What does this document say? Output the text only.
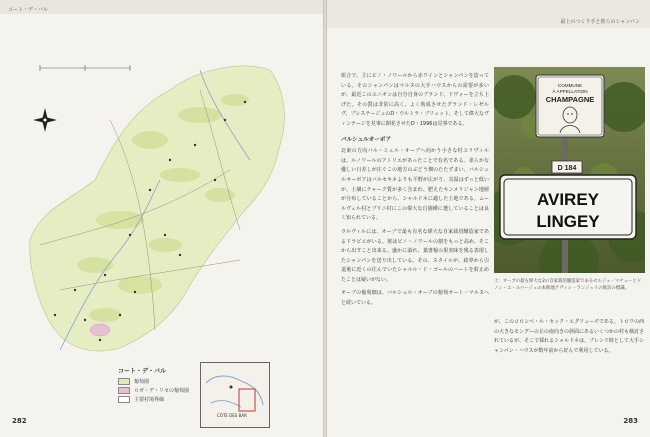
コート・デ・バル
コート・デ・バル
葡萄園
ロゼ・デ・リセの葡萄園
主要村境界線
CÔTE DES BAR
282
最上のつくり手と彼らのシャンパン

組合で、主にピノ・ノワールから赤ワインとシャンパンを造っている。そのシャンパンはマルヌの大手ハウスからの需要が多いが、最近このユニオンは自分自身のブランド、ドヴォーを立ち上げた。その質は非常に高く、よく熟成させたグランド・レゼルヴ、プレステージュのD・ウルトラ・ブリュット、そして偉大なヴィンテージを見事に開花させたD・1996は見事である。

バルシュルオーボア

北東の方向バル・シュル・オーブへ向かう小さな村ユリヴィルは、ルノワールのアトリエがあったことで有名である。柔らかな優しい日差しが注ぐこの地方のぶどう畑のたたずまい、バルシュルオーボアはバルセキネよりも平野が広がり、気温はずっと低いが、土壌にチャーク質が多く含まれ、肥えたキンメリジャン地層が分布していることから、シャルドネに適した土地である。ムールヴェル村とブリニ村にこの偉大な自園種に選していることは良く知られている。

ウルヴィルには、オーブで最も有名な偉大な自家栽培醸造家であるドラピエがいる。彼はピノ・ノワールの割をもっと高め、そこから出すこと出来る。盛かに溢れ、葉書葡の果実味を残る表現したシャンパンを送り出している。その、スタイルが、政界から引退後に近くの往んでいたシャルル・ド・ゴールのハートを射止めたことは疑いがない。

オーブの葡萄畑は、バルシュル・オーブの葡萄オート・マルヌへと続いている。

COMMUNE
À APPELLATION
CHAMPAGNE
D 184
AVIREY
LINGEY
上：オーブの最も偉大な2の自家栽培醸造家であるセルジュ・マチューとドノン・エ・ルバージュの本拠地アヴィレ・ランジェイの飲訪の標識。
が、このコロンベ・ル・セック・エグリューズである。トロワの西の大きなモングーの丘の南向きの斜面にあるいくつかの村も検討されているが、そこで採れるシャルドネは、ブレンド時として大手シャンパン・ハウスが数年前から好んで利用している。
283
